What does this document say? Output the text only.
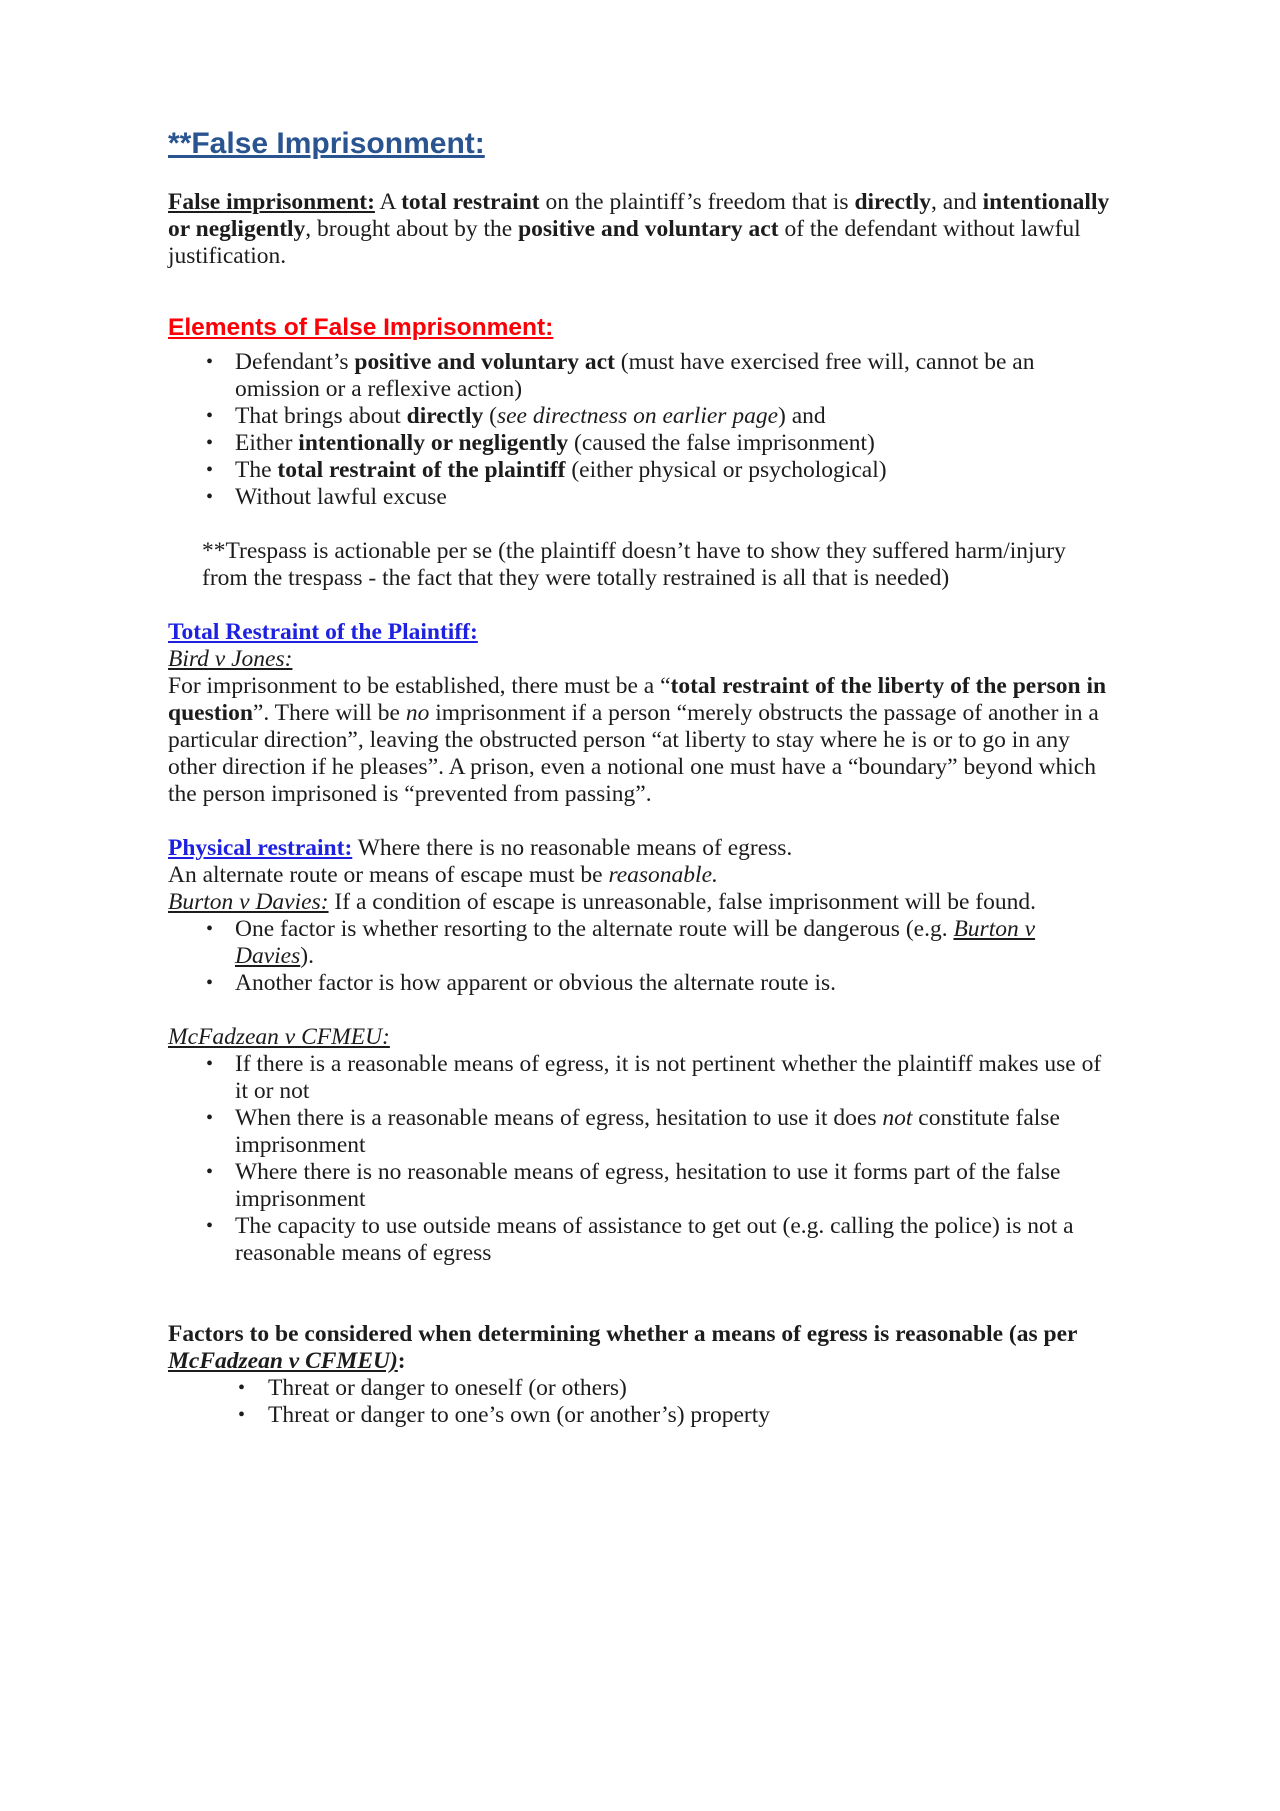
**False Imprisonment:
False imprisonment: A total restraint on the plaintiff’s freedom that is directly, and intentionally or negligently, brought about by the positive and voluntary act of the defendant without lawful justification.
Elements of False Imprisonment:
• Defendant’s positive and voluntary act (must have exercised free will, cannot be an omission or a reflexive action)
• That brings about directly (see directness on earlier page) and
• Either intentionally or negligently (caused the false imprisonment)
• The total restraint of the plaintiff (either physical or psychological)
• Without lawful excuse
**Trespass is actionable per se (the plaintiff doesn’t have to show they suffered harm/injury from the trespass - the fact that they were totally restrained is all that is needed)
Total Restraint of the Plaintiff:
Bird v Jones:
For imprisonment to be established, there must be a “total restraint of the liberty of the person in question”. There will be no imprisonment if a person “merely obstructs the passage of another in a particular direction”, leaving the obstructed person “at liberty to stay where he is or to go in any other direction if he pleases”. A prison, even a notional one must have a “boundary” beyond which the person imprisoned is “prevented from passing”.
Physical restraint: Where there is no reasonable means of egress.
An alternate route or means of escape must be reasonable.
Burton v Davies: If a condition of escape is unreasonable, false imprisonment will be found.
• One factor is whether resorting to the alternate route will be dangerous (e.g. Burton v Davies).
• Another factor is how apparent or obvious the alternate route is.
McFadzean v CFMEU:
• If there is a reasonable means of egress, it is not pertinent whether the plaintiff makes use of it or not
• When there is a reasonable means of egress, hesitation to use it does not constitute false imprisonment
• Where there is no reasonable means of egress, hesitation to use it forms part of the false imprisonment
• The capacity to use outside means of assistance to get out (e.g. calling the police) is not a reasonable means of egress
Factors to be considered when determining whether a means of egress is reasonable (as per McFadzean v CFMEU):
• Threat or danger to oneself (or others)
• Threat or danger to one’s own (or another’s) property
